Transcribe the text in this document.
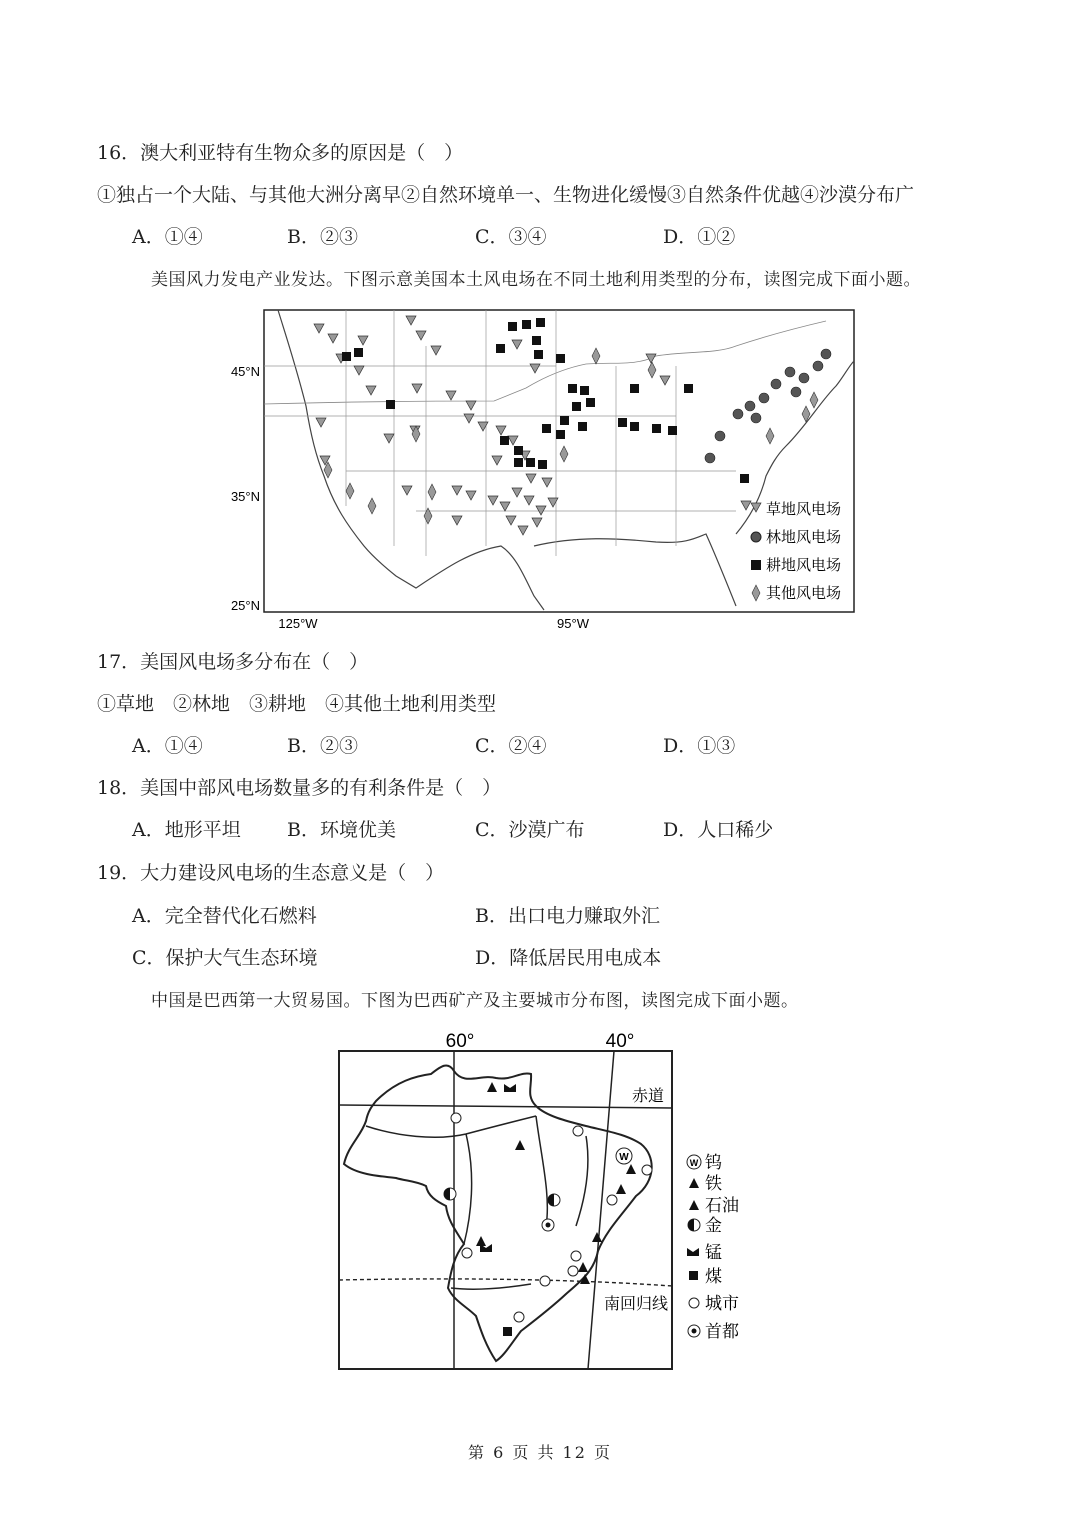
16．澳大利亚特有生物众多的原因是（　）
①独占一个大陆、与其他大洲分离早②自然环境单一、生物进化缓慢③自然条件优越④沙漠分布广
A．①④	B．②③	C．③④	D．①②
美国风力发电产业发达。下图示意美国本土风电场在不同土地利用类型的分布，读图完成下面小题。
45°N
35°N
25°N
125°W	95°W
草地风电场
林地风电场
耕地风电场
其他风电场
17．美国风电场多分布在（　）
①草地　②林地　③耕地　④其他土地利用类型
A．①④	B．②③	C．②④	D．①③
18．美国中部风电场数量多的有利条件是（　）
A．地形平坦 B．环境优美	C．沙漠广布	D．人口稀少
19．大力建设风电场的生态意义是（　）
A．完全替代化石燃料	B．出口电力赚取外汇
C．保护大气生态环境	D．降低居民用电成本
中国是巴西第一大贸易国。下图为巴西矿产及主要城市分布图，读图完成下面小题。
60°	40°
赤道
南回归线
W	W 钨
铁
石油
金
锰
煤
城市
首都
第 6 页 共 12 页
